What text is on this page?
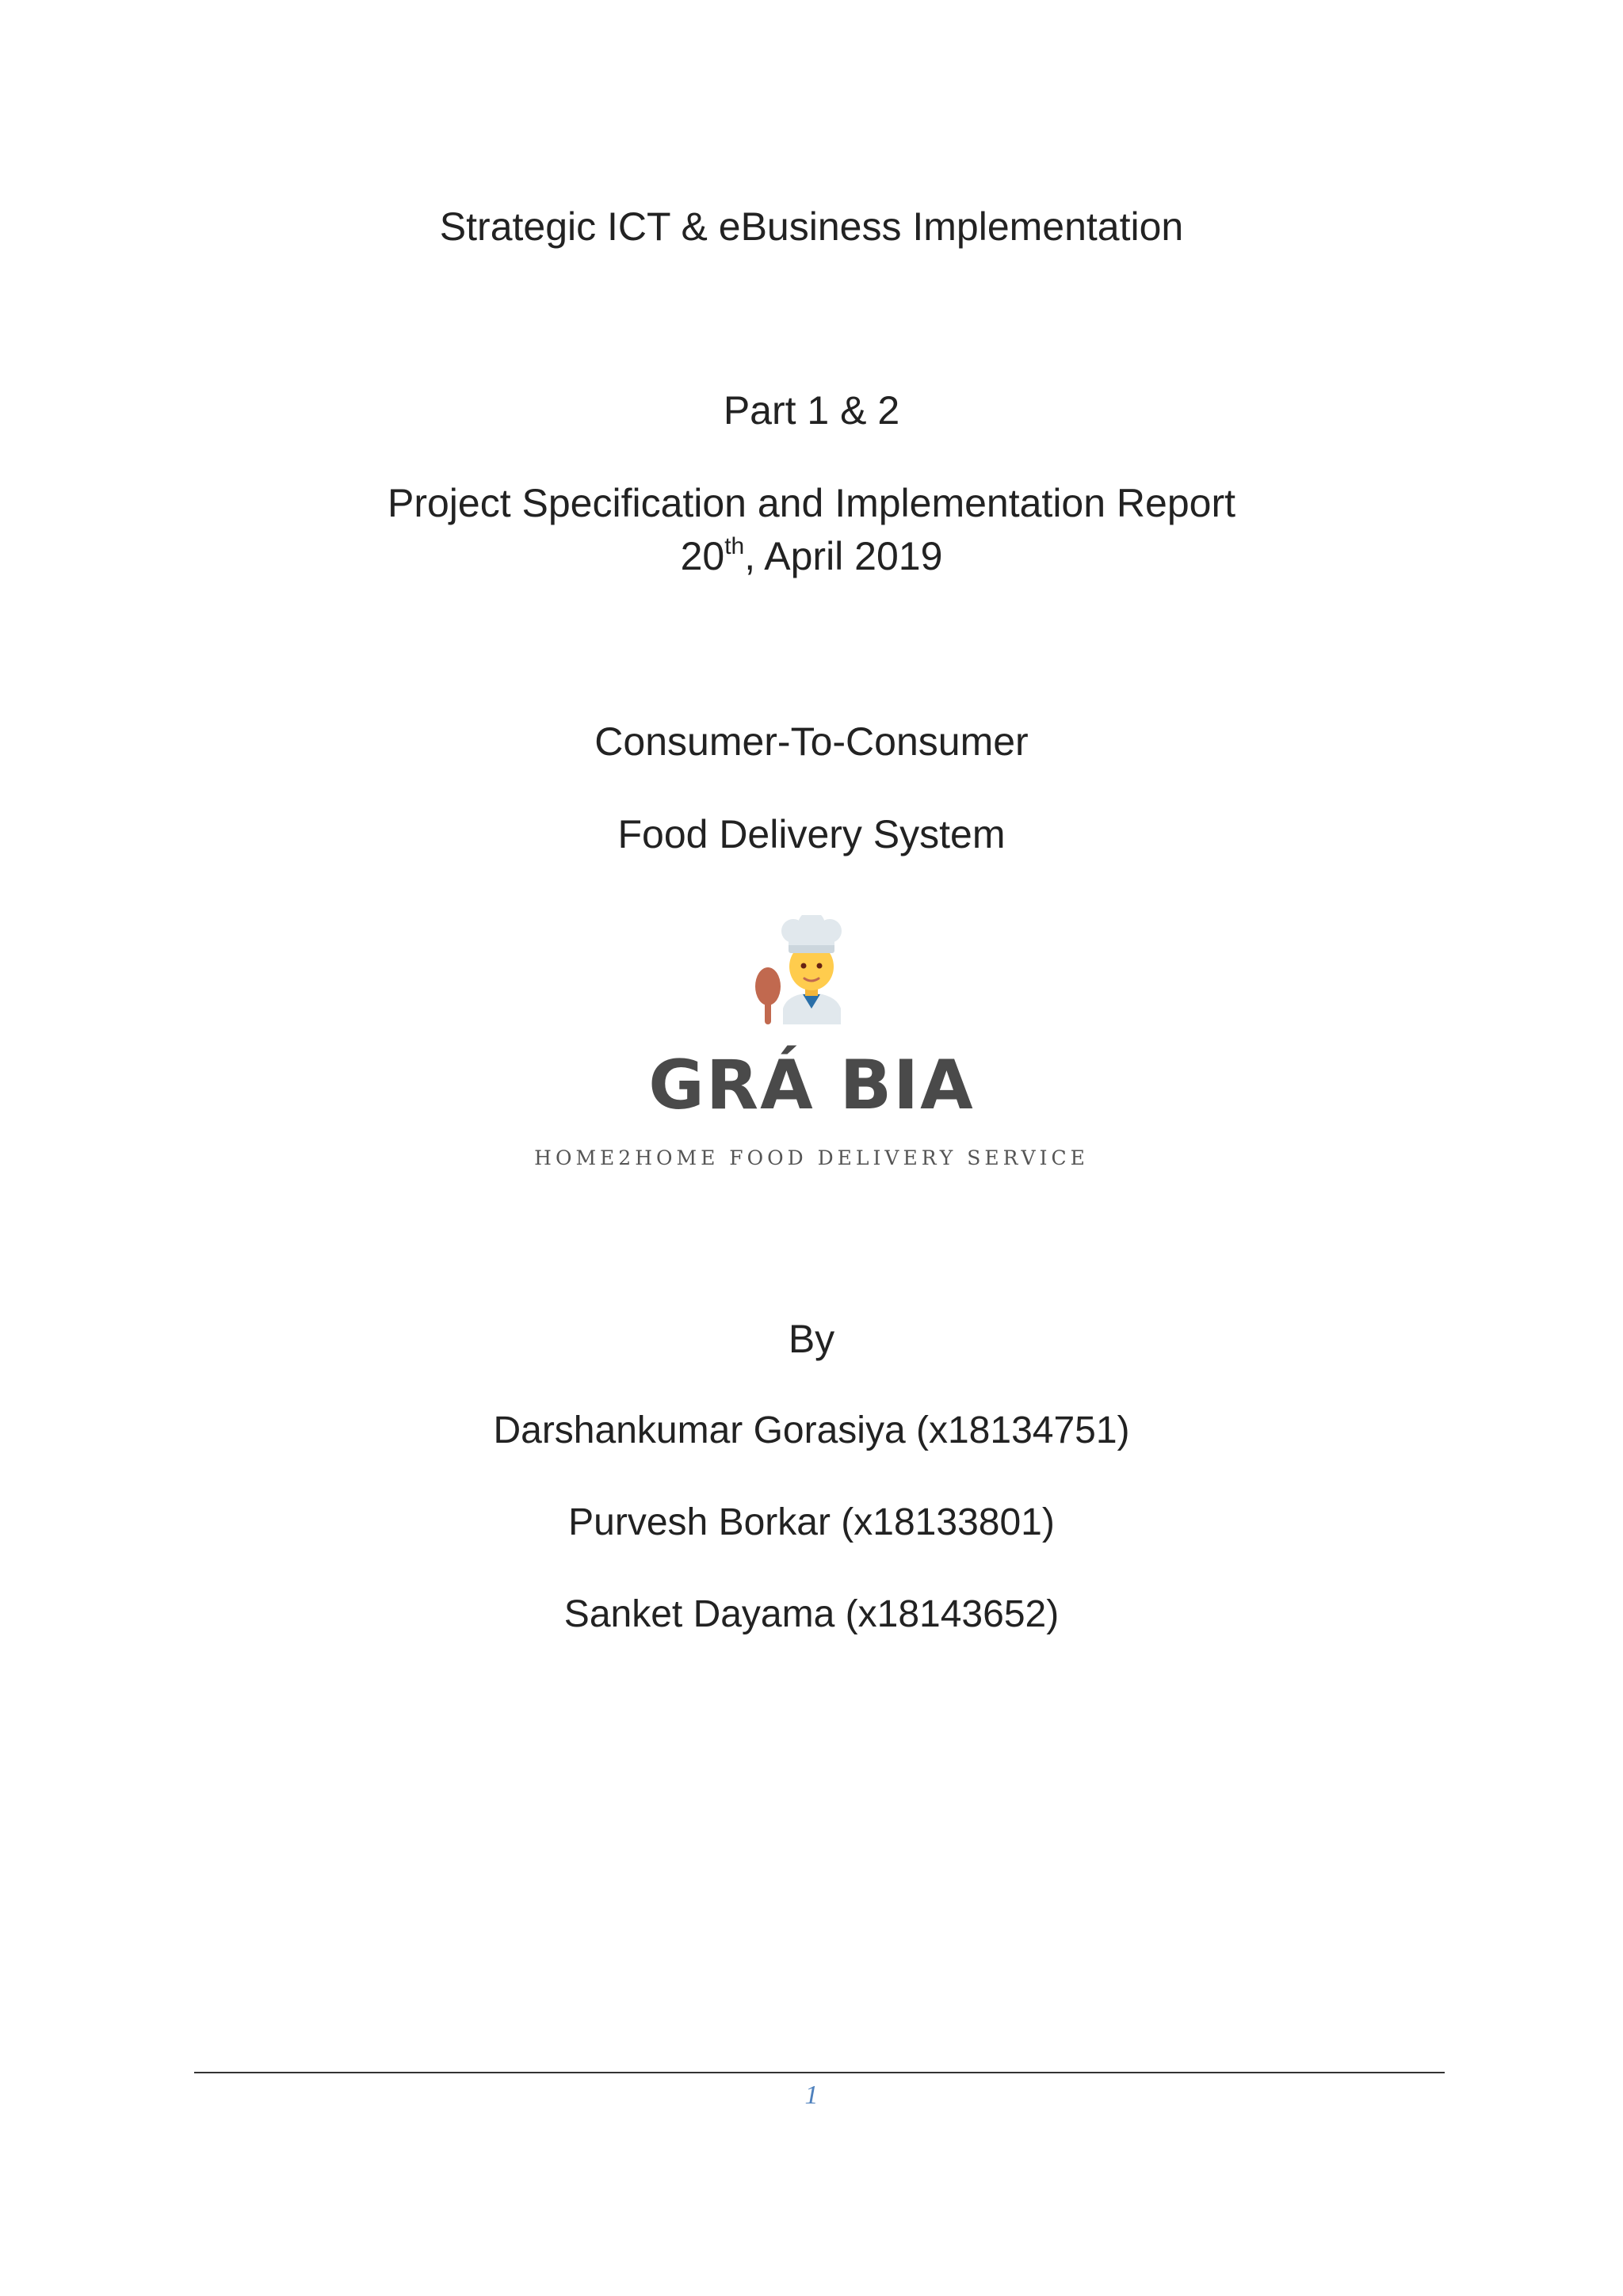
Strategic ICT & eBusiness Implementation
Part 1 & 2
Project Specification and Implementation Report
20th, April 2019
Consumer-To-Consumer
Food Delivery System
GRÁ BIA
HOME2HOME FOOD DELIVERY SERVICE
By
Darshankumar Gorasiya (x18134751)
Purvesh Borkar (x18133801)
Sanket Dayama (x18143652)
1
